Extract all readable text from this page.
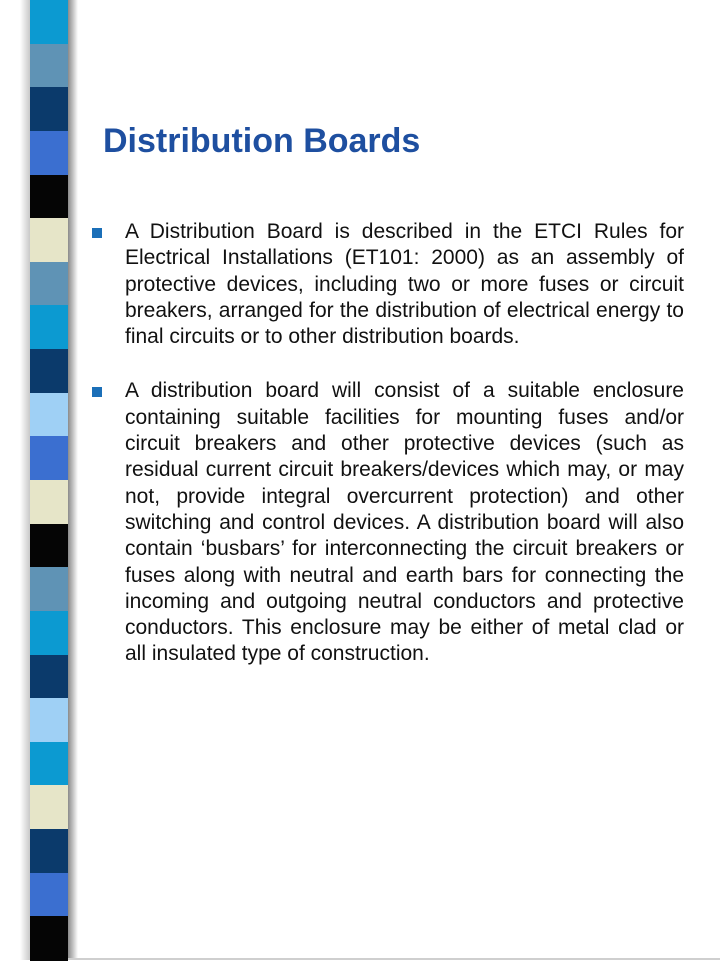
Distribution Boards
A Distribution Board is described in the ETCI Rules for Electrical Installations (ET101: 2000) as an assembly of protective devices, including two or more fuses or circuit breakers, arranged for the distribution of electrical energy to final circuits or to other distribution boards.
A distribution board will consist of a suitable enclosure containing suitable facilities for mounting fuses and/or circuit breakers and other protective devices (such as residual current circuit breakers/devices which may, or may not, provide integral overcurrent protection) and other switching and control devices. A distribution board will also contain ‘busbars’ for interconnecting the circuit breakers or fuses along with neutral and earth bars for connecting the incoming and outgoing neutral conductors and protective conductors. This enclosure may be either of metal clad or all insulated type of construction.
